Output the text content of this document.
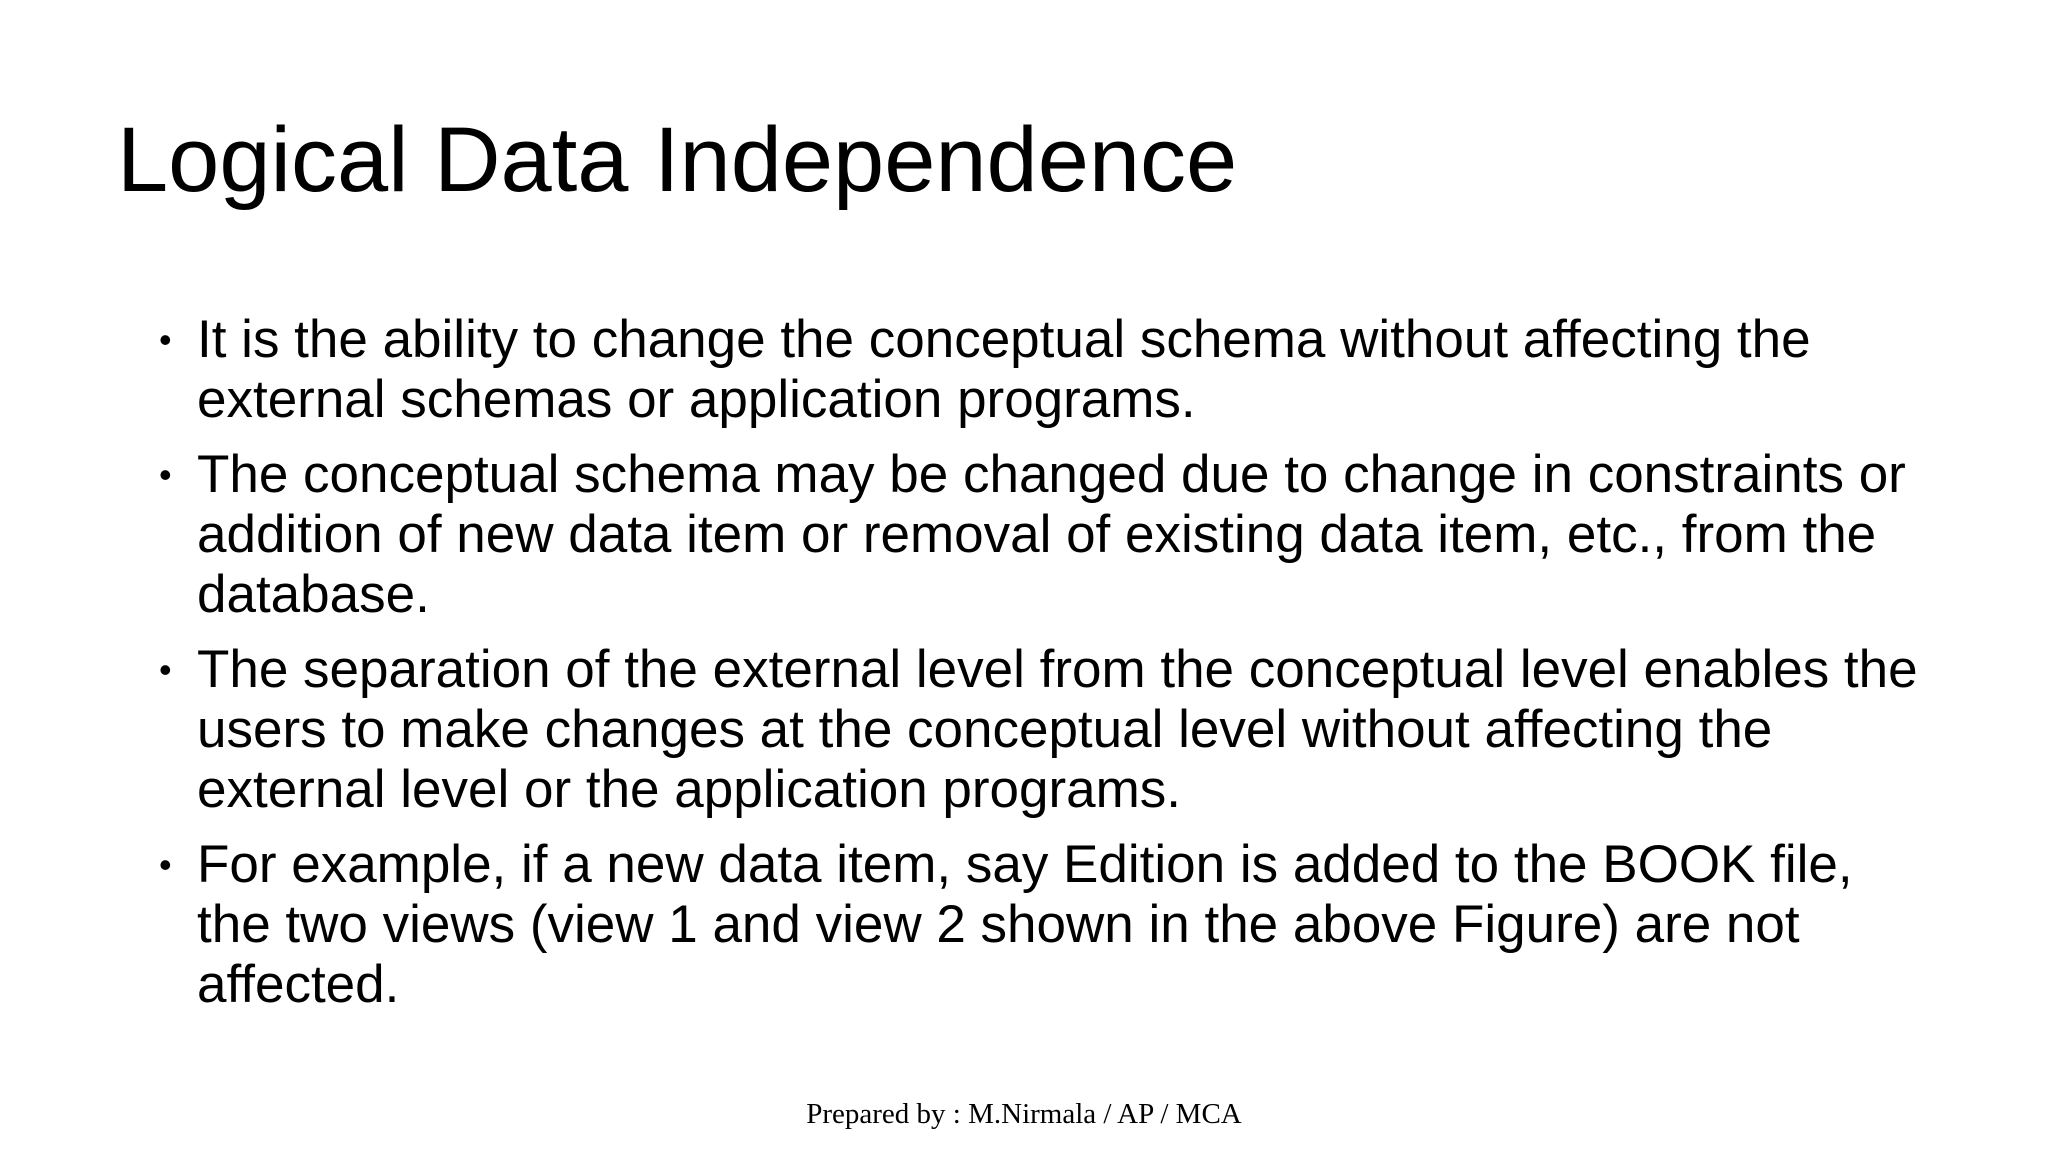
Logical Data Independence
• It is the ability to change the conceptual schema without affecting the external schemas or application programs.
• The conceptual schema may be changed due to change in constraints or addition of new data item or removal of existing data item, etc., from the database.
• The separation of the external level from the conceptual level enables the users to make changes at the conceptual level without affecting the external level or the application programs.
• For example, if a new data item, say Edition is added to the BOOK file, the two views (view 1 and view 2 shown in the above Figure) are not affected.
Prepared by : M.Nirmala / AP / MCA
